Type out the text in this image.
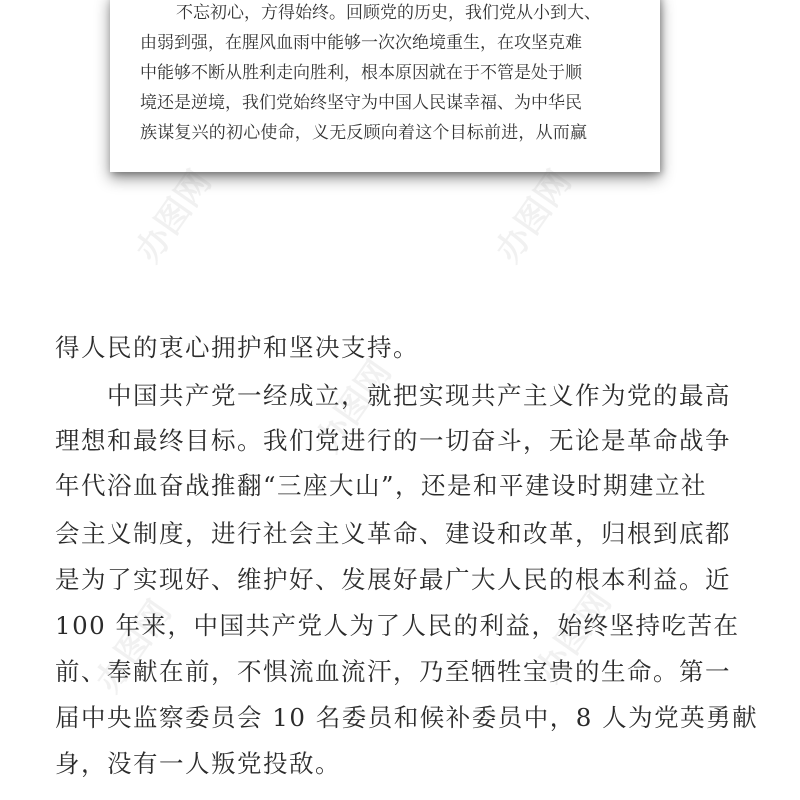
不忘初心，方得始终。回顾党的历史，我们党从小到大、
由弱到强，在腥风血雨中能够一次次绝境重生，在攻坚克难
中能够不断从胜利走向胜利，根本原因就在于不管是处于顺
境还是逆境，我们党始终坚守为中国人民谋幸福、为中华民
族谋复兴的初心使命，义无反顾向着这个目标前进，从而赢
办图网	办图网
办图网
办图网	办图网
得人民的衷心拥护和坚决支持。
　　中国共产党一经成立，就把实现共产主义作为党的最高
理想和最终目标。我们党进行的一切奋斗，无论是革命战争
年代浴血奋战推翻“三座大山”，还是和平建设时期建立社
会主义制度，进行社会主义革命、建设和改革，归根到底都
是为了实现好、维护好、发展好最广大人民的根本利益。近
100 年来，中国共产党人为了人民的利益，始终坚持吃苦在
前、奉献在前，不惧流血流汗，乃至牺牲宝贵的生命。第一
届中央监察委员会 10 名委员和候补委员中，8 人为党英勇献
身，没有一人叛党投敌。
